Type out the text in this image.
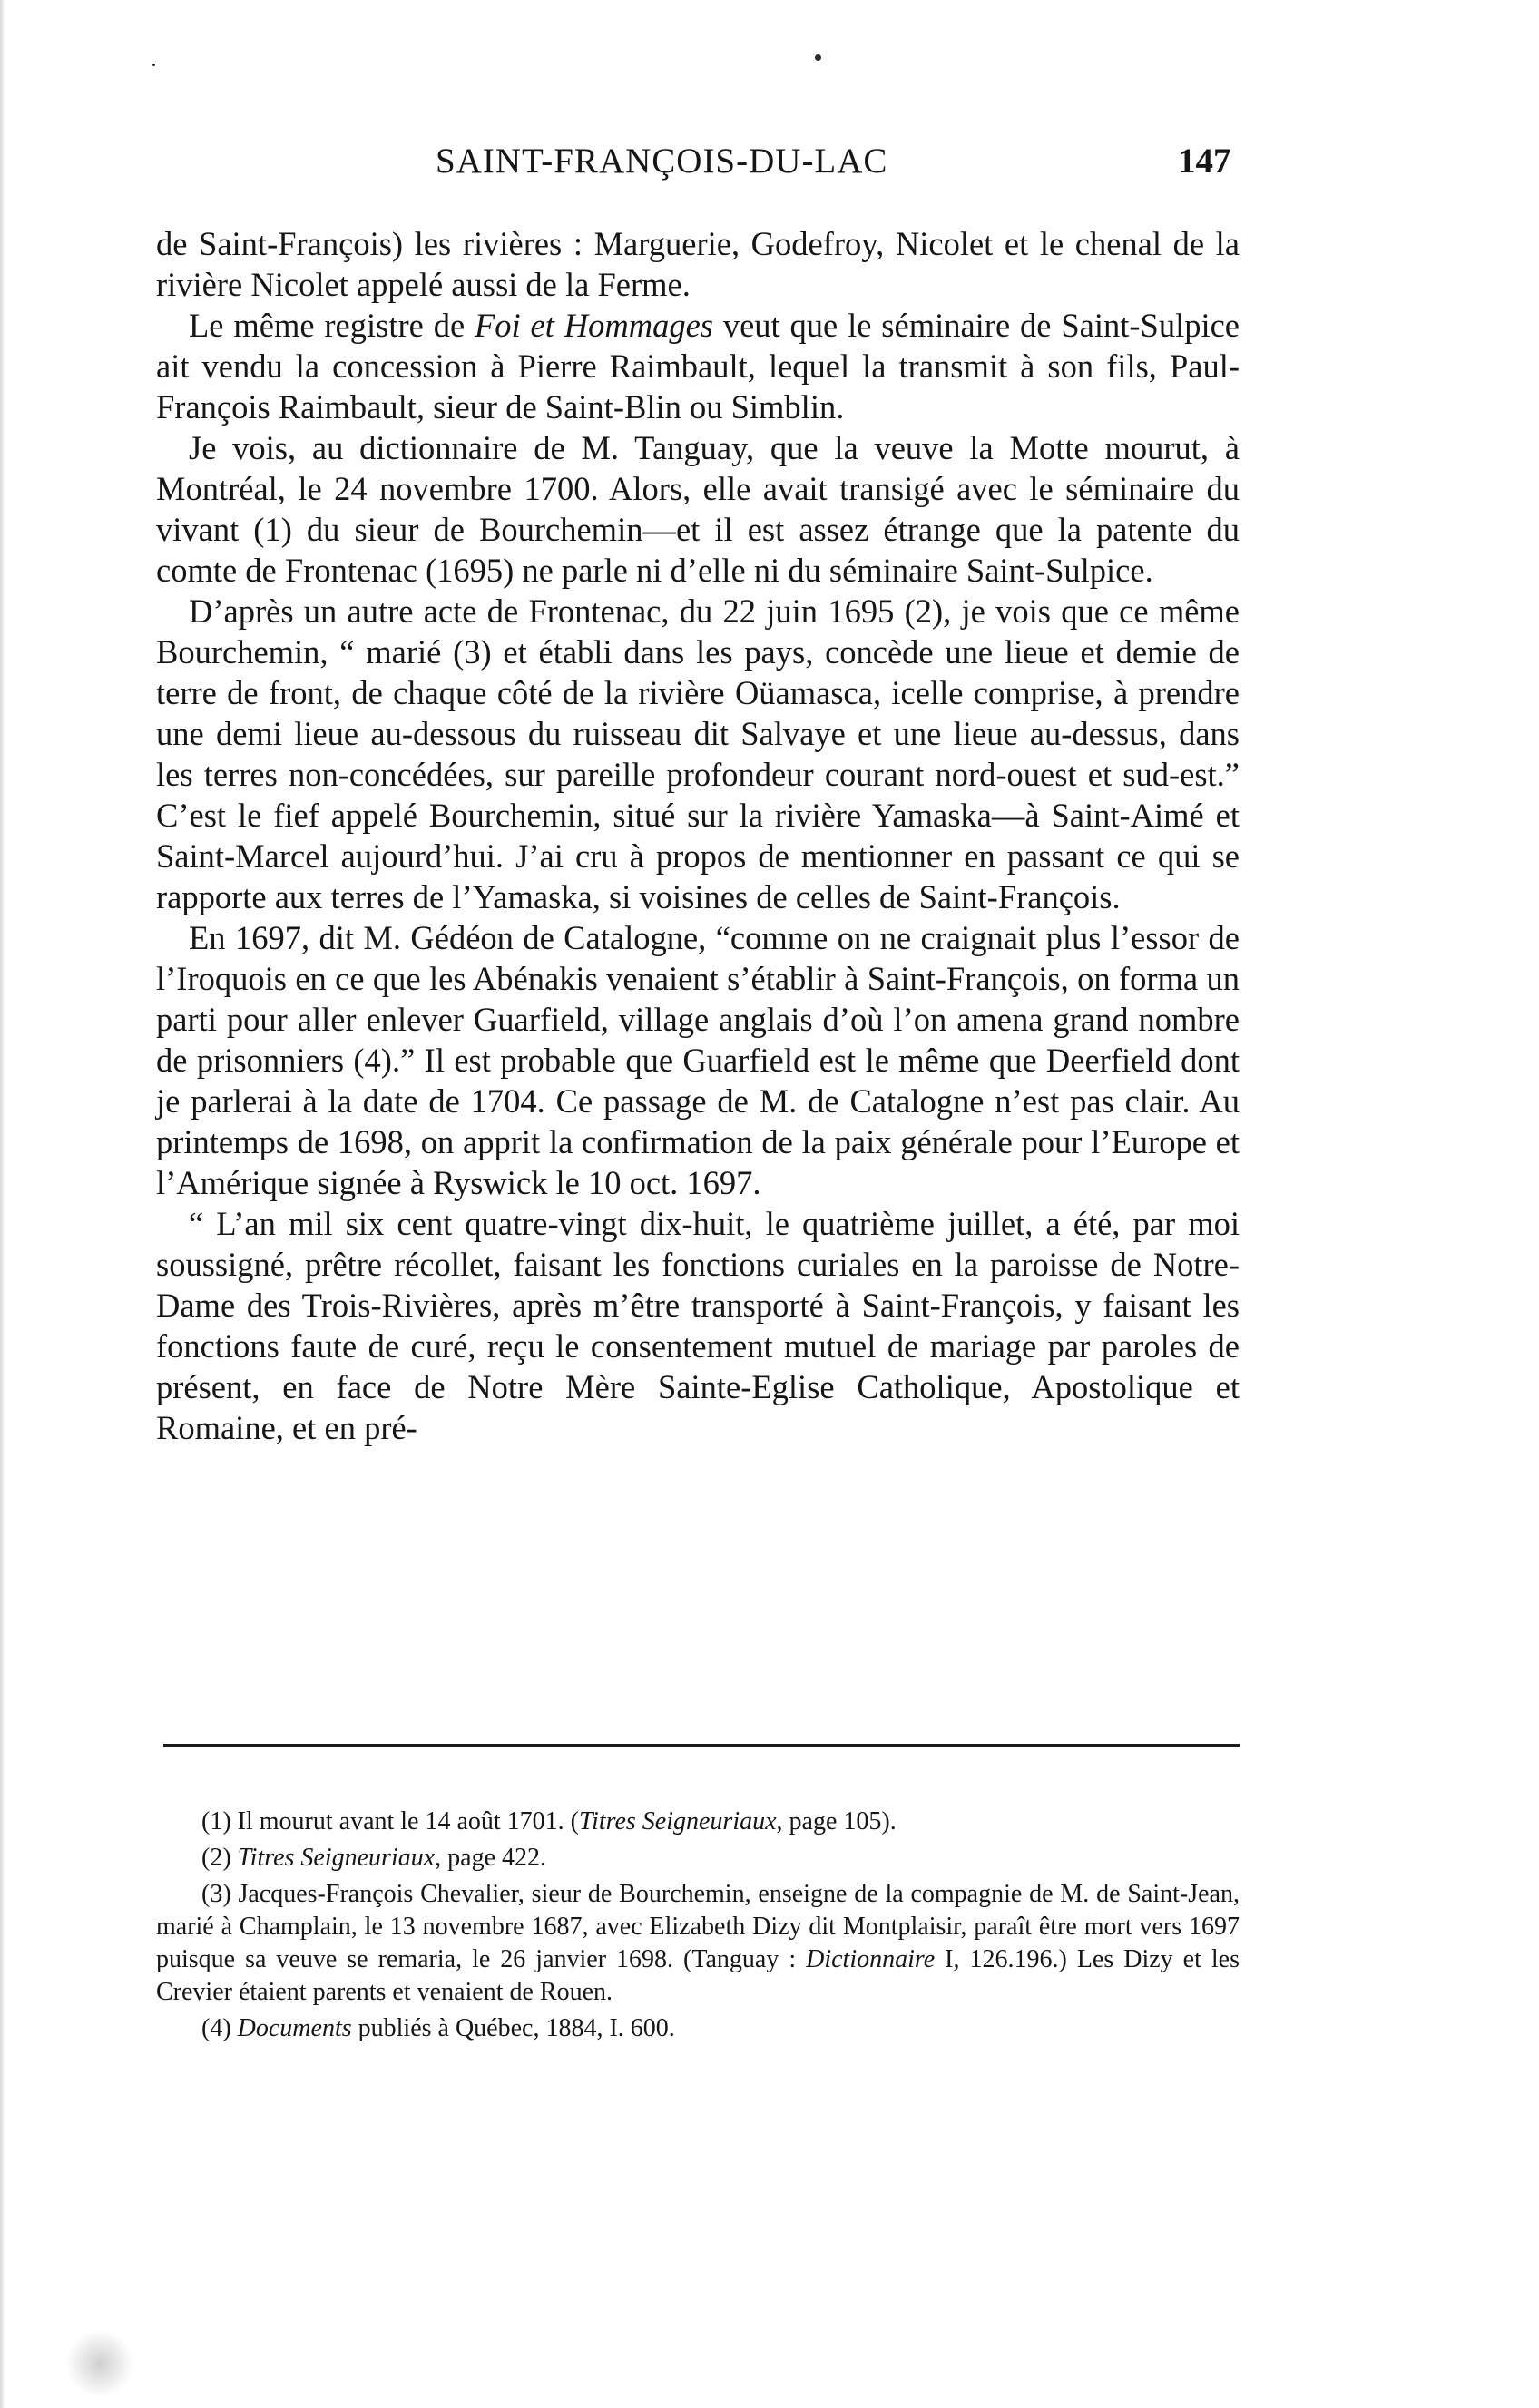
SAINT-FRANÇOIS-DU-LAC	147

de Saint-François) les rivières : Marguerie, Godefroy, Nicolet et le chenal de la rivière Nicolet appelé aussi de la Ferme.

Le même registre de Foi et Hommages veut que le séminaire de Saint-Sulpice ait vendu la concession à Pierre Raimbault, lequel la transmit à son fils, Paul-François Raimbault, sieur de Saint-Blin ou Simblin.

Je vois, au dictionnaire de M. Tanguay, que la veuve la Motte mourut, à Montréal, le 24 novembre 1700. Alors, elle avait transigé avec le séminaire du vivant (1) du sieur de Bourchemin—et il est assez étrange que la patente du comte de Frontenac (1695) ne parle ni d’elle ni du séminaire Saint-Sulpice.

D’après un autre acte de Frontenac, du 22 juin 1695 (2), je vois que ce même Bourchemin, “ marié (3) et établi dans les pays, concède une lieue et demie de terre de front, de chaque côté de la rivière Oüamasca, icelle comprise, à prendre une demi lieue au-dessous du ruisseau dit Salvaye et une lieue au-dessus, dans les terres non-concédées, sur pareille profondeur courant nord-ouest et sud-est.” C’est le fief appelé Bourchemin, situé sur la rivière Yamaska—à Saint-Aimé et Saint-Marcel aujourd’hui. J’ai cru à propos de mentionner en passant ce qui se rapporte aux terres de l’Yamaska, si voisines de celles de Saint-François.

En 1697, dit M. Gédéon de Catalogne, “comme on ne craignait plus l’essor de l’Iroquois en ce que les Abénakis venaient s’établir à Saint-François, on forma un parti pour aller enlever Guarfield, village anglais d’où l’on amena grand nombre de prisonniers (4).” Il est probable que Guarfield est le même que Deerfield dont je parlerai à la date de 1704. Ce passage de M. de Catalogne n’est pas clair. Au printemps de 1698, on apprit la confirmation de la paix générale pour l’Europe et l’Amérique signée à Ryswick le 10 oct. 1697.

“ L’an mil six cent quatre-vingt dix-huit, le quatrième juillet, a été, par moi soussigné, prêtre récollet, faisant les fonctions curiales en la paroisse de Notre-Dame des Trois-Rivières, après m’être transporté à Saint-François, y faisant les fonctions faute de curé, reçu le consentement mutuel de mariage par paroles de présent, en face de Notre Mère Sainte-Eglise Catholique, Apostolique et Romaine, et en pré-

(1) Il mourut avant le 14 août 1701. (Titres Seigneuriaux, page 105).

(2) Titres Seigneuriaux, page 422.

(3) Jacques-François Chevalier, sieur de Bourchemin, enseigne de la compagnie de M. de Saint-Jean, marié à Champlain, le 13 novembre 1687, avec Elizabeth Dizy dit Montplaisir, paraît être mort vers 1697 puisque sa veuve se remaria, le 26 janvier 1698. (Tanguay : Dictionnaire I, 126.196.) Les Dizy et les Crevier étaient parents et venaient de Rouen.

(4) Documents publiés à Québec, 1884, I. 600.
